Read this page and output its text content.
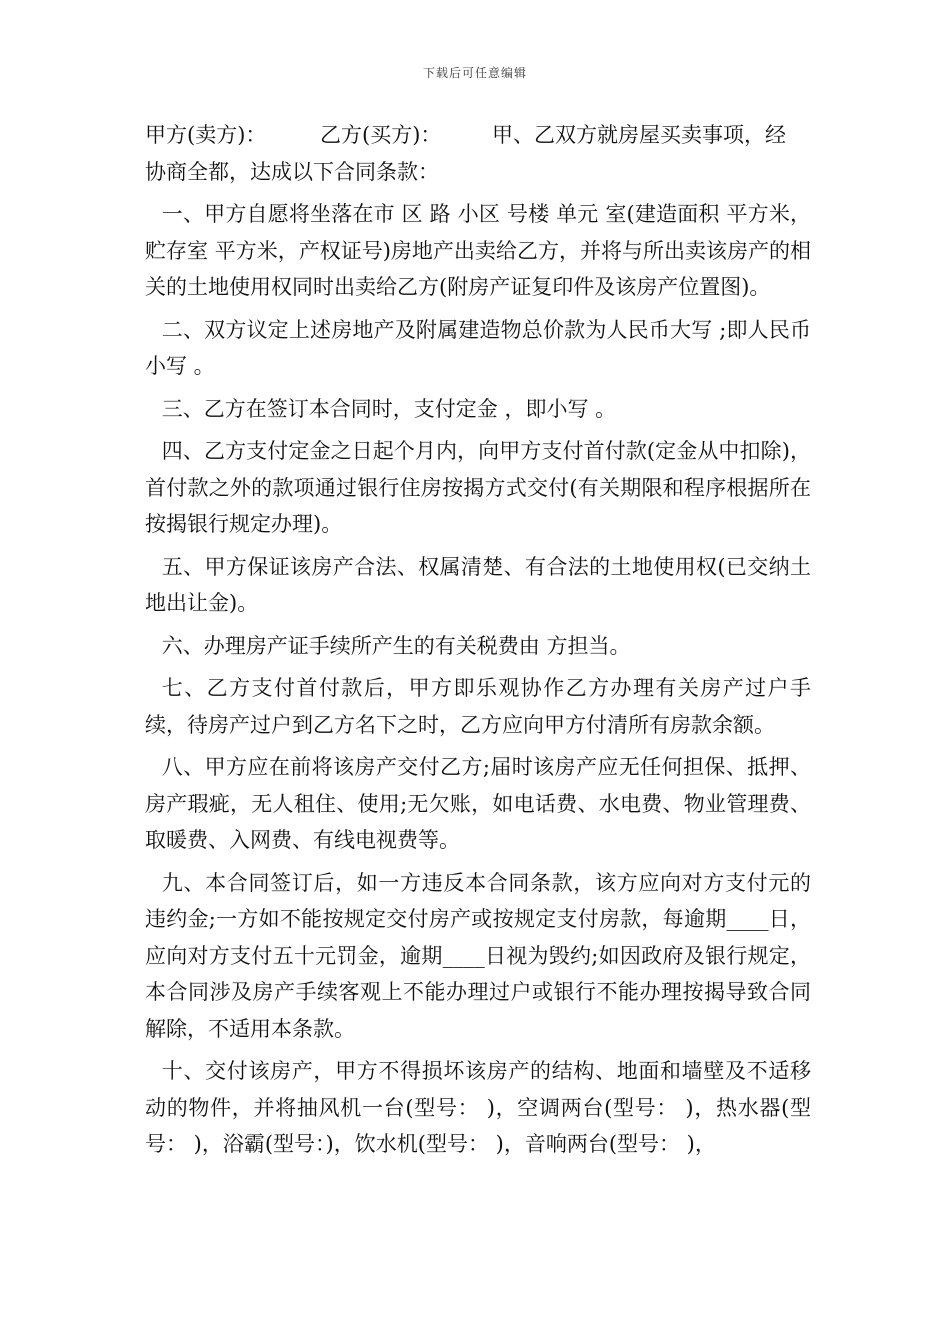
下载后可任意编辑
甲方(卖方)：	乙方(买方)：	甲、乙双方就房屋买卖事项，经
协商全都，达成以下合同条款：

一、甲方自愿将坐落在市 区 路 小区 号楼 单元 室(建造面积 平方米，贮存室 平方米，产权证号)房地产出卖给乙方，并将与所出卖该房产的相关的土地使用权同时出卖给乙方(附房产证复印件及该房产位置图)。

二、双方议定上述房地产及附属建造物总价款为人民币大写 ;即人民币小写 。

三、乙方在签订本合同时，支付定金 ，即小写 。

四、乙方支付定金之日起个月内，向甲方支付首付款(定金从中扣除)，首付款之外的款项通过银行住房按揭方式交付(有关期限和程序根据所在按揭银行规定办理)。

五、甲方保证该房产合法、权属清楚、有合法的土地使用权(已交纳土地出让金)。

六、办理房产证手续所产生的有关税费由 方担当。

七、乙方支付首付款后，甲方即乐观协作乙方办理有关房产过户手续，待房产过户到乙方名下之时，乙方应向甲方付清所有房款余额。

八、甲方应在前将该房产交付乙方;届时该房产应无任何担保、抵押、房产瑕疵，无人租住、使用;无欠账，如电话费、水电费、物业管理费、取暖费、入网费、有线电视费等。

九、本合同签订后，如一方违反本合同条款，该方应向对方支付元的违约金;一方如不能按规定交付房产或按规定支付房款，每逾期____日，应向对方支付五十元罚金，逾期____日视为毁约;如因政府及银行规定，本合同涉及房产手续客观上不能办理过户或银行不能办理按揭导致合同解除，不适用本条款。

十、交付该房产，甲方不得损坏该房产的结构、地面和墙壁及不适移动的物件，并将抽风机一台(型号： )，空调两台(型号： )，热水器(型号： )，浴霸(型号：)，饮水机(型号： )，音响两台(型号： )，
